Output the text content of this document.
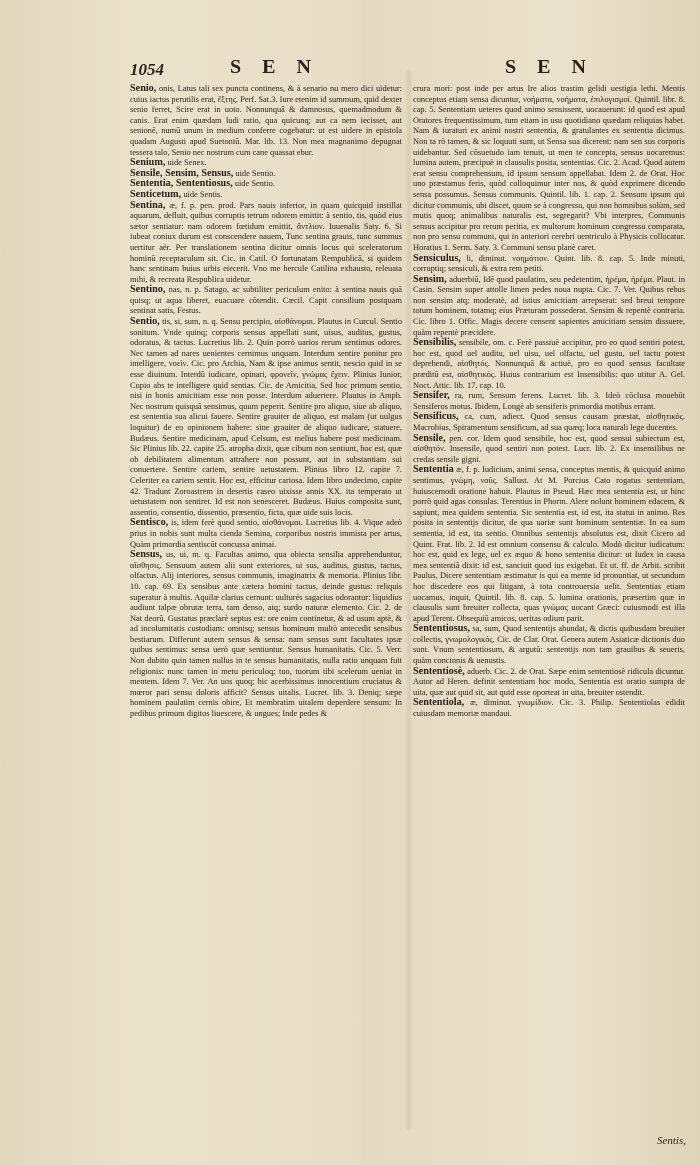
1054	S E N	S E N

Senio, onis, Latus tali sex puncta continens, & à senario nu mero dici uidetur: cuius iactus perutilis erat, ἕξτης. Perf. Sat.3. Iure etenim id summum, quid dexter senio ferret, Scire erat in uoto. Nonnunquã & damnosus, quemadmodum & canis. Erat enim quædam ludi ratio, qua quicunq; aut ca nem iecisset, aut senionē, numū unum in medium conferre cogebatur: ut est uidere in epistola quadam Augusti apud Suetoniū. Mar. lib. 13. Non mea magnanimo depugnat tessera talo, Senio nec nostrum cum cane quassat ebur.

Senium, uide Senex.

Sensile, Sensim, Sensus, uide Sentio.

Sententia, Sententiosus, uide Sentio.

Senticetum, uide Sentis.

Sentina, æ, f. p. pen. prod. Pars nauis inferior, in quam quicquid instillat aquarum, defluit, quibus corruptis tetrum odorem emittit: à sentio, tis, quòd eius sætor sentiatur: nam odorem fœtidum emittit, ἄντλιον. Iuuenalis Saty. 6. Si iubeat coniux durum est conscendere nauem, Tunc sentina grauis, tunc summus uertitur aër. Per translationem sentina dicitur omnis locus qui sceleratorum hominũ receptaculum sit. Cic. in Catil. O fortunatam Rempublicã, si quidem hanc sentinam huius urbis eiecerit. Vno me hercule Catilina exhausto, releuata mihi, & recreata Respublica uidetur.

Sentino, nas, n. p. Satago, ac subtiliter periculum enito: à sentina nauis quā quisq; ut aqua liberet, euacuare cōtendit. Cæcil. Capit consilium postquam sentinat satis, Festus.

Sentio, tis, si, sum, n. q. Sensu percipio, αἰσθάνομαι. Plautus in Curcul. Sentio sonitum. Vnde quinq; corporis sensus appellati sunt, uisus, auditus, gustus, odoratus, & tactus. Lucretius lib. 2. Quin porrò uarios rerum sentimus odores. Nec tamen ad nares uenientes cernimus unquam. Interdum sentire ponitur pro intelligere, νοεῖν. Cic. pro Archia, Nam & ipse animus sentit, nescio quid in se esse diuinum. Interdũ iudicare, opinari, φρονεῖν, γνώμας ἔχειν. Plinius Iunior, Cupio abs te intelligere quid sentias. Cic. de Amicitia, Sed hoc primum sentio, nisi in bonis amicitiam esse non posse. Interdum aduertere. Plautus in Amph. Nec nostrum quisquã sensimus, quum peperit. Sentire pro aliquo, siue ab aliquo, est sententia sua alicui fauere. Sentire grauiter de aliquo, est malam (ut uulgus loquitur) de eo opinionem habere: sine grauiter de aliquo iudicare, statuere, Budæus. Sentire medicinam, apud Celsum, est melius habere post medicinam. Sic Plinius lib. 22. capite 25. atropha dixit, quæ cibum non sentiunt, hoc est, quæ ob debilitatem alimentum attrahere non possunt, aut in substantiam sui conuertere. Sentire cariem, sentire uetustatem. Plinius libro 12. capite 7. Celeriter ea cariem sentit. Hoc est, efficitur cariosa. Idem libro undecimo, capite 42. Tradunt Zoroastrem in desertis caseo uixisse annis XX. ita temperato ut uetustatem non sentiret. Id est non senesceret. Budæus. Huius composita sunt, assentio, consentio, dissentio, præsentio, ficta, quæ uide suis locis.

Sentisco, is, idem ferè quod sentio, αἰσθάνομαι. Lucretius lib. 4. Vique adeò prius in nobis sunt multa cienda Semina, corporibus nostris immista per artus, Quàm primordia sentiscūt concussa animai.

Sensus, us, ui, m. q. Facultas animo, qua obiecta sensilia apprehenduntur, αἴσθησις. Sensuum autem alii sunt exteriores, ui sus, auditus, gustus, tactus, olfactus. Alij interiores, sensus communis, imaginatrix & memoria. Plinius libr. 10. cap. 69. Ex sensibus ante cætera homini tactus, deinde gustus: reliquis superatur à multis. Aquilæ clarius cernunt: uulturés sagacius odorantur: liquidius audiunt talpæ obrutæ terra, tam denso, atq; surdo naturæ elemento. Cic. 2. de Nat deorũ. Gustatus præclarè septus est: ore enim continetur, & ad usum aptè, & ad incolumitatis custodiam: omnisq; sensus hominum multò antecedit sensibus bestiarum. Differunt autem sensus & sensa: nam sensus sunt facultates ipsæ quibus sentimus: sensa uerò quæ sentiuntur. Sensus humanitatis. Cic. 5. Verr. Non dubito quin tamen nullus in te sensus humanitatis, nulla ratio unquam fuit religionis: nunc tamen in metu periculoq; tuo, tuorum tibi scelerum ueniat in mentem. Idem 7. Ver. An uos quoq; hic acerbissimus innocentium cruciatus & mœror pari sensu doloris afficit? Sensus uitalis. Lucret. lib. 3. Deniq; sæpe hominem paulatim cernis obire, Et membratim uitalem deperdere sensum: In pedibus primum digitos liuescere, & ungues; Inde pedes &

crura mori: post inde per artus Ire alios trastim gelidi uestigia lethi. Mentis conceptus etiam sensa dicuntur, νοήματα, νοήματα, ἐπιλογισμοί. Quintil. libr. 8. cap. 5. Sententiam ueteres quod animo sensissent, uocauerunt: id quod est apud Oratores frequentissimum, tum etiam in usu quotidiano quædam reliquias habet. Nam & iuraturi ex animi nostri sententia, & gratulantes ex sententia dicimus. Non ta rò tamen, & sic loquuti sunt, ut Sensa sua dicerent: nam sen sus corporis uidebantur. Sed cōsuetudo iam tenuit, ut men te concepta, sensus uocaremus: lumina autem, præcipuè in clausulis posita, sententias. Cic. 2. Acad. Quod autem erat sensu comprehensum, id ipsum sensum appellabat. Idem 2. de Orat. Hoc uno præstamus feris, quòd colloquimur inter nos, & quòd exprimere dicendo sensa possumus. Sensus communis. Quintil. lib. 1. cap. 2. Sensum ipsum qui dicitur communis, ubi discet, quum se à congressu, qui non homnibus solùm, sed mutis quoq; animalibus naturalis est, segregarit? Vbi interpres, Communis sensus accipitur pro rerum peritia, ex multorum hominum congressu comparata, non pro sensu communi, qui in anteriori cerebri uentriculo à Physicis collocatur. Horatius 1. Serm. Saty. 3. Communi sensu planè caret.

Sensiculus, li, diminut. νοημάτιον. Quint. lib. 8. cap. 5. Inde minuti, corruptiq; sensiculi, & extra rem petiti.

Sensim, aduerbiũ, Idē quod paulatim, seu pedetentim, ἠρέμα, ἠρέμα. Plaut. in Casin. Sensim super attolle limen pedes noua nupta. Cic. 7. Ver. Quibus rebus non sensim atq; moderatè, ad istius amicitiam arrepserat: sed breui tempore totum hominem, totamq; eius Præturam possederat. Sensim & repentè contraria. Cic. libro 1. Offic. Magis decere censent sapientes amicitiam sensim dissuere, quàm repentè præcidere.

Sensibilis, sensibile, om. c. Ferè passiuè accipitur, pro eo quod sentiri potest, hoc est, quod uel auditu, uel uisu, uel olfactu, uel gustu, uel tactu potest deprehendi, αἰσθητός. Nonnunquã & actiuè, pro eo quod sensus facultate præditũ est, αἰσθητικός. Huius contrarium est Insensibilis: quo utitur A. Gel. Noct. Attic. lib. 17. cap. 10.

Sensifer, ra, rum, Sensum ferens. Lucret. lib. 3. Ideò cōclusa mouebūt Sensiferos motus. Ibidem, Longè ab sensiferis primordia motibus errant.

Sensificus, ca, cum, adiect. Quod sensus causam præstat, αἰσθητικός. Macrobius, Spiramentum sensificum, ad sua quæq; loca naturali lege ducentes.

Sensile, pen. cor. Idem quod sensibile, hoc est, quod sensui subiectum est, αἰσθητόν. Insensile, quod sentiri non potest. Lucr. lib. 2. Ex insensilibus ne credas sensile gigni.

Sententia æ, f. p. Iudicium, animi sensa, conceptus mentis, & quicquid animo sentimus, γνώμη, νοῦς. Sallust. At M. Porcius Cato rogatus sententiam, huiuscemodi oratione habuit. Plautus in Pseud. Hæc mea sententia est, ut hinc porrò quid agas consulas. Terentius in Phorm. Alere nolunt hominem edacem, & sapiunt, mea quidem sententia. Sic sententia est, id est, ita statui in animo. Res posita in sententijs dicitur, de qua uariæ sunt hominum sententiæ. In ea sum sententia, id est, ita sentio. Omnibus sententijs absolutus est, dixit Cicero ad Quint. Frat. lib. 2. Id est omnium consensu & calculo. Modò dicitur iudicatum: hoc est, quid ex lege, uel ex æquo & bono sententia dicitur: ut Iudex in causa mea sententiã dixit: id est, sanciuit quod ius exigebat. Et ut. ff. de Arbit. scribit Paulus, Dicere sententiam æstimatur is qui ea mente id pronuntiat, ut secundum hoc discedere eos qui litigant, à tota controuersia uelit. Sententias etiam uocamus, inquit, Quintil. lib. 8. cap. 5. lumina orationis, præsertim quæ in clausulis sunt breuiter collecta, quas γνώμας uocant Græci: cuiusmodi est illa apud Terent. Obsequiũ amicos, ueritas odium parit.

Sententiosus, sa, sum, Quod sententijs abundat, & dictis quibusdam breuiter collectis, γνωμολογικός. Cic. de Clar. Orat. Genera autem Asiaticæ dictionis duo sunt. Vnum sententiosum, & argutũ: sententijs non tam grauibus & seueris, quàm concinnis & uenustis.

Sententiosè, aduerb. Cic. 2. de Orat. Sæpe enim sententiosè ridicula dicuntur. Autor ad Heren. definit sententiam hoc modo, Sententia est oratio sumpta de uita, quæ aut quid sit, aut quid esse oporteat in uita, breuiter ostendit.

Sententiola, æ, diminut. γνωμίδιον. Cic. 3. Philip. Sententiolas edidit cuiusdam memoriæ mandaui.

Sentis,
